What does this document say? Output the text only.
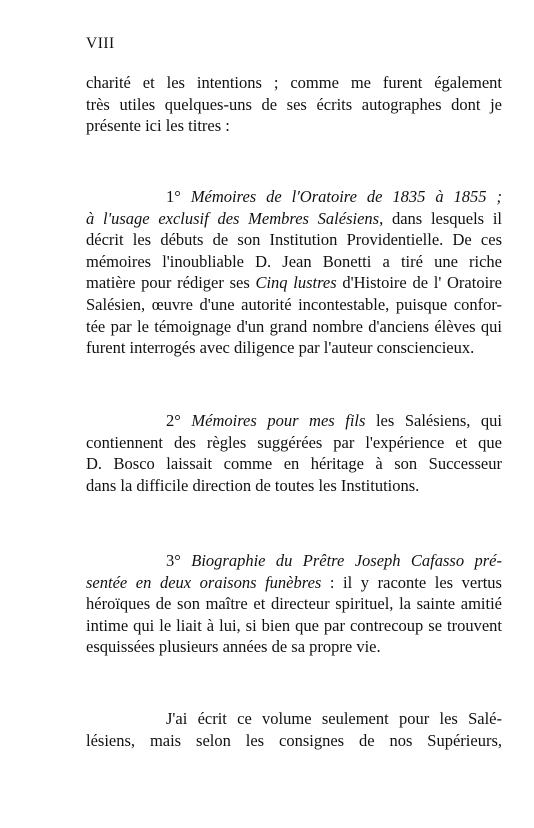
VIII
charité et les intentions ; comme me furent également
très utiles quelques-uns de ses écrits autographes dont je
présente ici les titres :
1° Mémoires de l'Oratoire de 1835 à 1855 ;
à l'usage exclusif des Membres Salésiens, dans lesquels il
décrit les débuts de son Institution Providentielle. De ces
mémoires l'inoubliable D. Jean Bonetti a tiré une riche
matière pour rédiger ses Cinq lustres d'Histoire de l' Oratoire
Salésien, œuvre d'une autorité incontestable, puisque confor-
tée par le témoignage d'un grand nombre d'anciens élèves qui
furent interrogés avec diligence par l'auteur consciencieux.
2° Mémoires pour mes fils les Salésiens, qui
contiennent des règles suggérées par l'expérience et que
D. Bosco laissait comme en héritage à son Successeur
dans la difficile direction de toutes les Institutions.
3° Biographie du Prêtre Joseph Cafasso pré-
sentée en deux oraisons funèbres : il y raconte les vertus
héroïques de son maître et directeur spirituel, la sainte amitié
intime qui le liait à lui, si bien que par contrecoup se trouvent
esquissées plusieurs années de sa propre vie.
J'ai écrit ce volume seulement pour les Salé-
lésiens, mais selon les consignes de nos Supérieurs,
